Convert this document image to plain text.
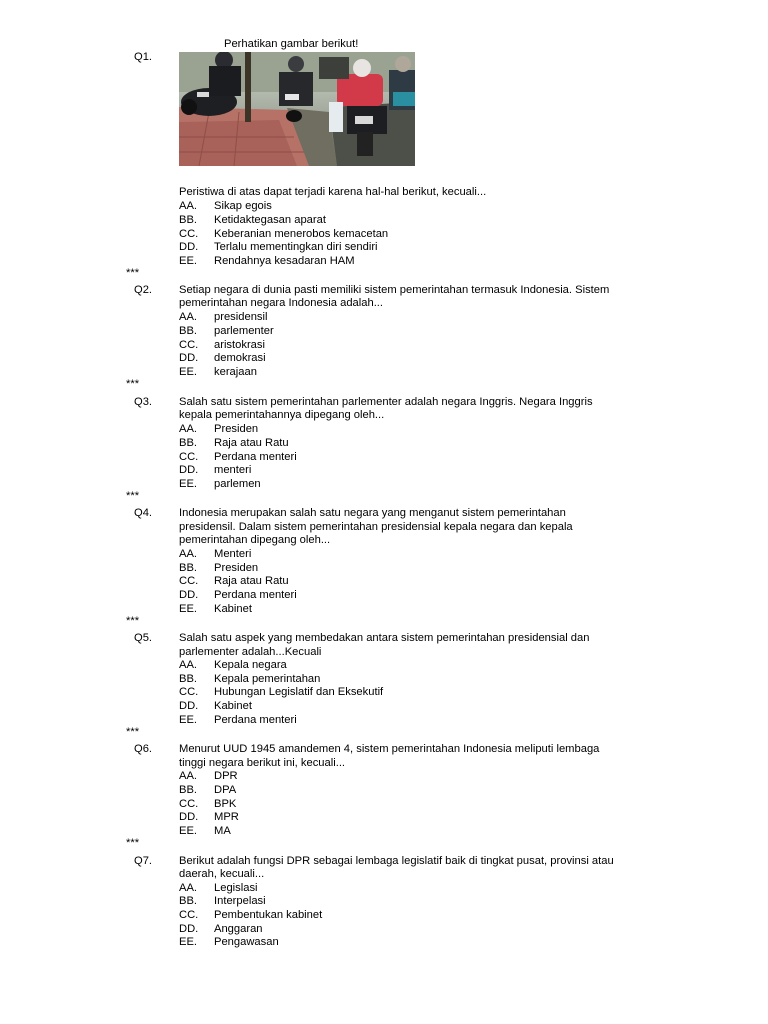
Perhatikan gambar berikut!
Q1.
Peristiwa di atas dapat terjadi karena hal-hal berikut, kecuali...
AA. Sikap egois
BB. Ketidaktegasan aparat
CC. Keberanian menerobos kemacetan
DD. Terlalu mementingkan diri sendiri
EE. Rendahnya kesadaran HAM
***
Q2. Setiap negara di dunia pasti memiliki sistem pemerintahan termasuk Indonesia. Sistem
pemerintahan negara Indonesia adalah...
AA. presidensil
BB. parlementer
CC. aristokrasi
DD. demokrasi
EE. kerajaan
***
Q3. Salah satu sistem pemerintahan parlementer adalah negara Inggris. Negara Inggris
kepala pemerintahannya dipegang oleh...
AA. Presiden
BB. Raja atau Ratu
CC. Perdana menteri
DD. menteri
EE. parlemen
***
Q4. Indonesia merupakan salah satu negara yang menganut sistem pemerintahan
presidensil. Dalam sistem pemerintahan presidensial kepala negara dan kepala
pemerintahan dipegang oleh...
AA. Menteri
BB. Presiden
CC. Raja atau Ratu
DD. Perdana menteri
EE. Kabinet
***
Q5. Salah satu aspek yang membedakan antara sistem pemerintahan presidensial dan
parlementer adalah...Kecuali
AA. Kepala negara
BB. Kepala pemerintahan
CC. Hubungan Legislatif dan Eksekutif
DD. Kabinet
EE. Perdana menteri
***
Q6. Menurut UUD 1945 amandemen 4, sistem pemerintahan Indonesia meliputi lembaga
tinggi negara berikut ini, kecuali...
AA. DPR
BB. DPA
CC. BPK
DD. MPR
EE. MA
***
Q7. Berikut adalah fungsi DPR sebagai lembaga legislatif baik di tingkat pusat, provinsi atau
daerah, kecuali...
AA. Legislasi
BB. Interpelasi
CC. Pembentukan kabinet
DD. Anggaran
EE. Pengawasan
